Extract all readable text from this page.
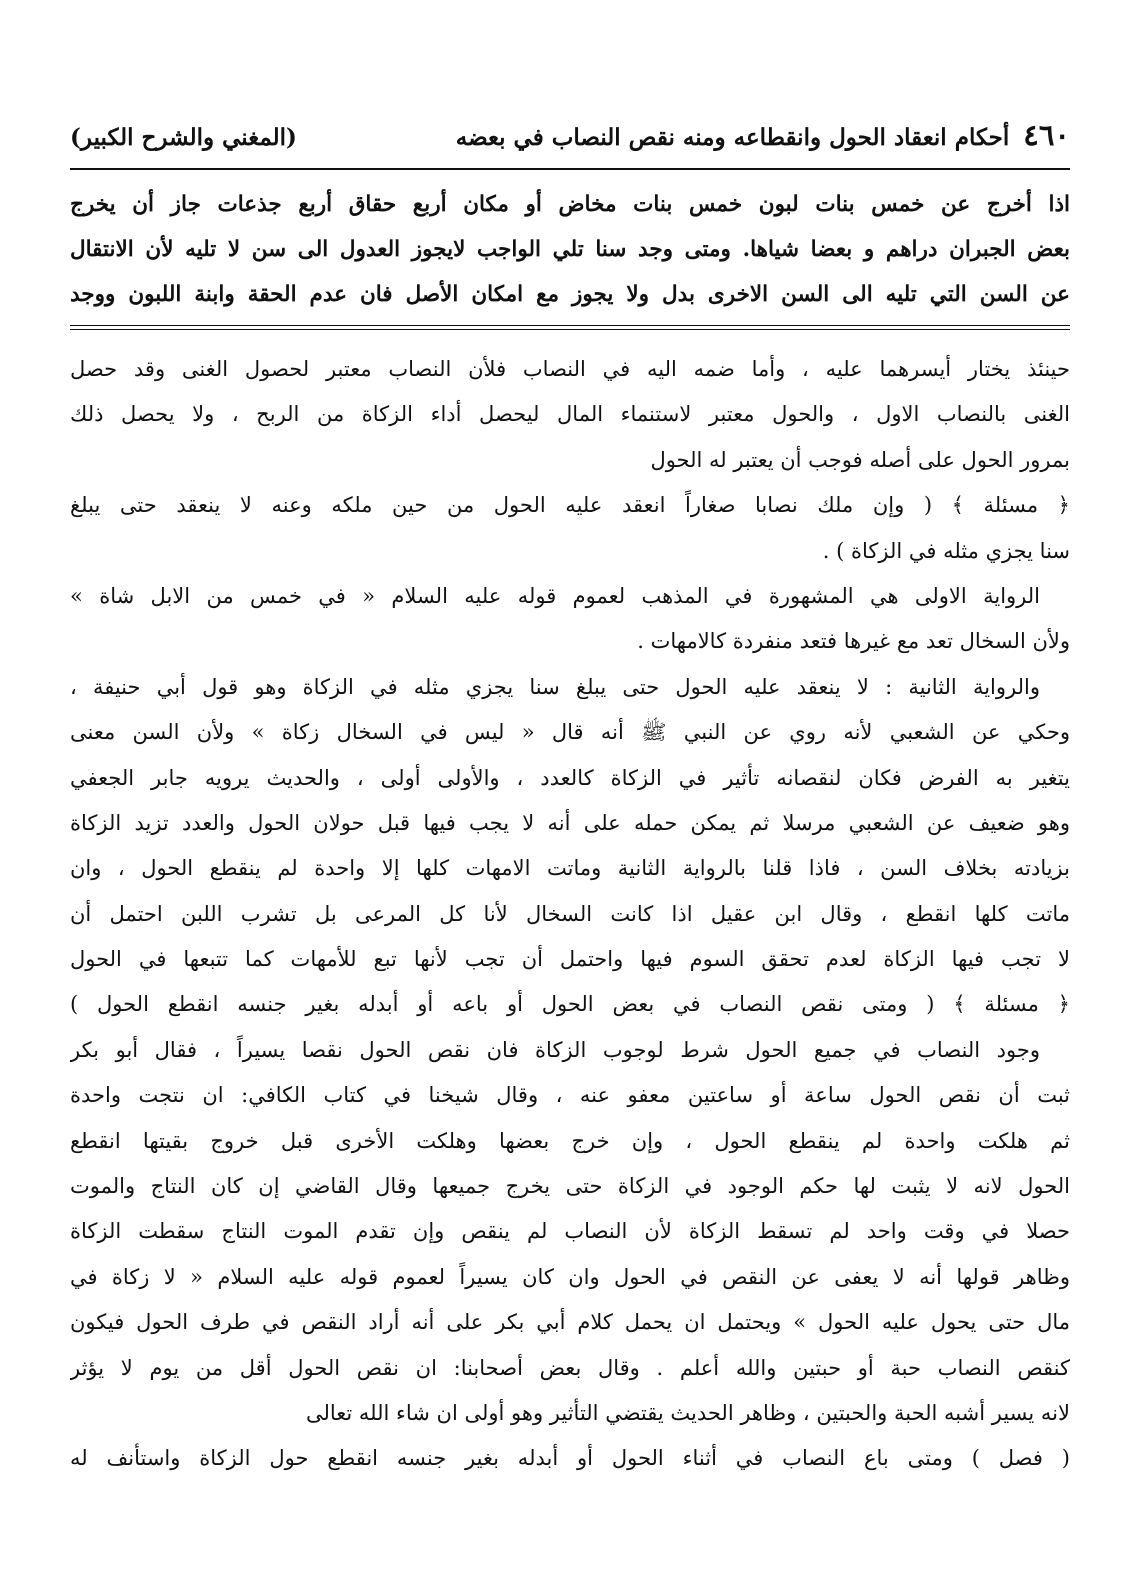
٤٦٠
أحكام انعقاد الحول وانقطاعه ومنه نقص النصاب في بعضه
(المغني والشرح الكبير)
اذا أخرج عن خمس بنات لبون خمس بنات مخاض أو مكان أربع حقاق أربع جذعات جاز أن يخرج
بعض الجبران دراهم و بعضا شياها. ومتى وجد سنا تلي الواجب لايجوز العدول الى سن لا تليه لأن الانتقال
عن السن التي تليه الى السن الاخرى بدل ولا يجوز مع امكان الأصل فان عدم الحقة وابنة اللبون ووجد
حينئذ يختار أيسرهما عليه ، وأما ضمه اليه في النصاب فلأن النصاب معتبر لحصول الغنى وقد حصل
الغنى بالنصاب الاول ، والحول معتبر لاستنماء المال ليحصل أداء الزكاة من الربح ، ولا يحصل ذلك
بمرور الحول على أصله فوجب أن يعتبر له الحول
﴿ مسئلة ﴾ ( وإن ملك نصابا صغاراً انعقد عليه الحول من حين ملكه وعنه لا ينعقد حتى يبلغ
سنا يجزي مثله في الزكاة ) .
الرواية الاولى هي المشهورة في المذهب لعموم قوله عليه السلام « في خمس من الابل شاة »
ولأن السخال تعد مع غيرها فتعد منفردة كالامهات .
والرواية الثانية : لا ينعقد عليه الحول حتى يبلغ سنا يجزي مثله في الزكاة وهو قول أبي حنيفة ،
وحكي عن الشعبي لأنه روي عن النبي ﷺ أنه قال « ليس في السخال زكاة » ولأن السن معنى
يتغير به الفرض فكان لنقصانه تأثير في الزكاة كالعدد ، والأولى أولى ، والحديث يرويه جابر الجعفي
وهو ضعيف عن الشعبي مرسلا ثم يمكن حمله على أنه لا يجب فيها قبل حولان الحول والعدد تزيد الزكاة
بزيادته بخلاف السن ، فاذا قلنا بالرواية الثانية وماتت الامهات كلها إلا واحدة لم ينقطع الحول ، وان
ماتت كلها انقطع ، وقال ابن عقيل اذا كانت السخال لأنا كل المرعى بل تشرب اللبن احتمل أن
لا تجب فيها الزكاة لعدم تحقق السوم فيها واحتمل أن تجب لأنها تبع للأمهات كما تتبعها في الحول
﴿ مسئلة ﴾ ( ومتى نقص النصاب في بعض الحول أو باعه أو أبدله بغير جنسه انقطع الحول )
وجود النصاب في جميع الحول شرط لوجوب الزكاة فان نقص الحول نقصا يسيراً ، فقال أبو بكر
ثبت أن نقص الحول ساعة أو ساعتين معفو عنه ، وقال شيخنا في كتاب الكافي: ان نتجت واحدة
ثم هلكت واحدة لم ينقطع الحول ، وإن خرج بعضها وهلكت الأخرى قبل خروج بقيتها انقطع
الحول لانه لا يثبت لها حكم الوجود في الزكاة حتى يخرج جميعها وقال القاضي إن كان النتاج والموت
حصلا في وقت واحد لم تسقط الزكاة لأن النصاب لم ينقص وإن تقدم الموت النتاج سقطت الزكاة
وظاهر قولها أنه لا يعفى عن النقص في الحول وان كان يسيراً لعموم قوله عليه السلام « لا زكاة في
مال حتى يحول عليه الحول » ويحتمل ان يحمل كلام أبي بكر على أنه أراد النقص في طرف الحول فيكون
كنقص النصاب حبة أو حبتين والله أعلم . وقال بعض أصحابنا: ان نقص الحول أقل من يوم لا يؤثر
لانه يسير أشبه الحبة والحبتين ، وظاهر الحديث يقتضي التأثير وهو أولى ان شاء الله تعالى
( فصل ) ومتى باع النصاب في أثناء الحول أو أبدله بغير جنسه انقطع حول الزكاة واستأنف له
